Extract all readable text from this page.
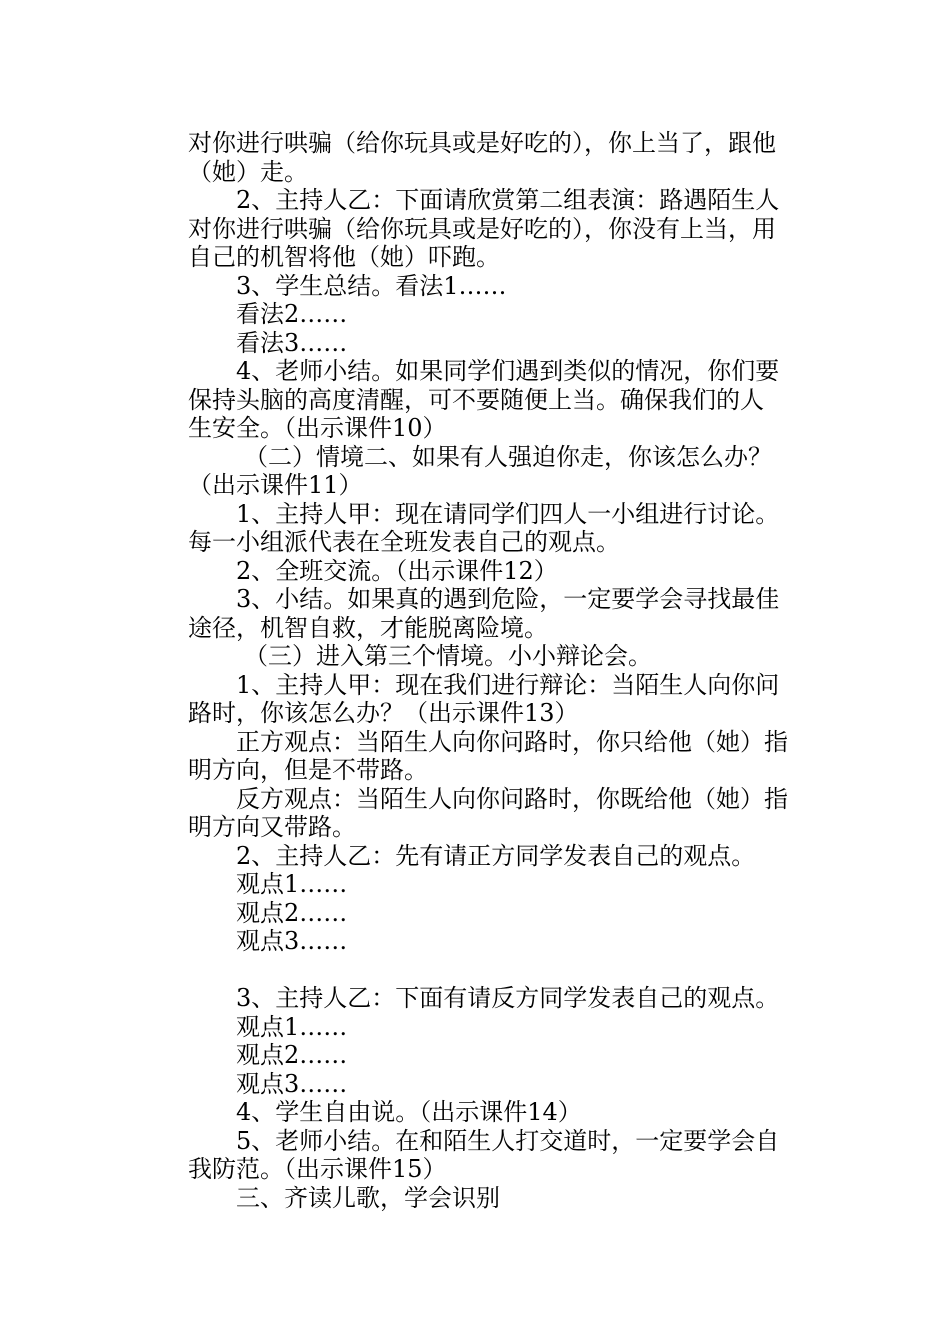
对你进行哄骗（给你玩具或是好吃的），你上当了，跟他
（她）走。
2、主持人乙：下面请欣赏第二组表演：路遇陌生人
对你进行哄骗（给你玩具或是好吃的），你没有上当，用
自己的机智将他（她）吓跑。
3、学生总结。看法1……
看法2……
看法3……
4、老师小结。如果同学们遇到类似的情况，你们要
保持头脑的高度清醒，可不要随便上当。确保我们的人
生安全。（出示课件10）
（二）情境二、如果有人强迫你走，你该怎么办？
（出示课件11）
1、主持人甲：现在请同学们四人一小组进行讨论。
每一小组派代表在全班发表自己的观点。
2、全班交流。（出示课件12）
3、小结。如果真的遇到危险，一定要学会寻找最佳
途径，机智自救，才能脱离险境。
（三）进入第三个情境。小小辩论会。
1、主持人甲：现在我们进行辩论：当陌生人向你问
路时，你该怎么办？（出示课件13）
正方观点：当陌生人向你问路时，你只给他（她）指
明方向，但是不带路。
反方观点：当陌生人向你问路时，你既给他（她）指
明方向又带路。
2、主持人乙：先有请正方同学发表自己的观点。
观点1……
观点2……
观点3……
3、主持人乙：下面有请反方同学发表自己的观点。
观点1……
观点2……
观点3……
4、学生自由说。（出示课件14）
5、老师小结。在和陌生人打交道时，一定要学会自
我防范。（出示课件15）
三、齐读儿歌，学会识别
